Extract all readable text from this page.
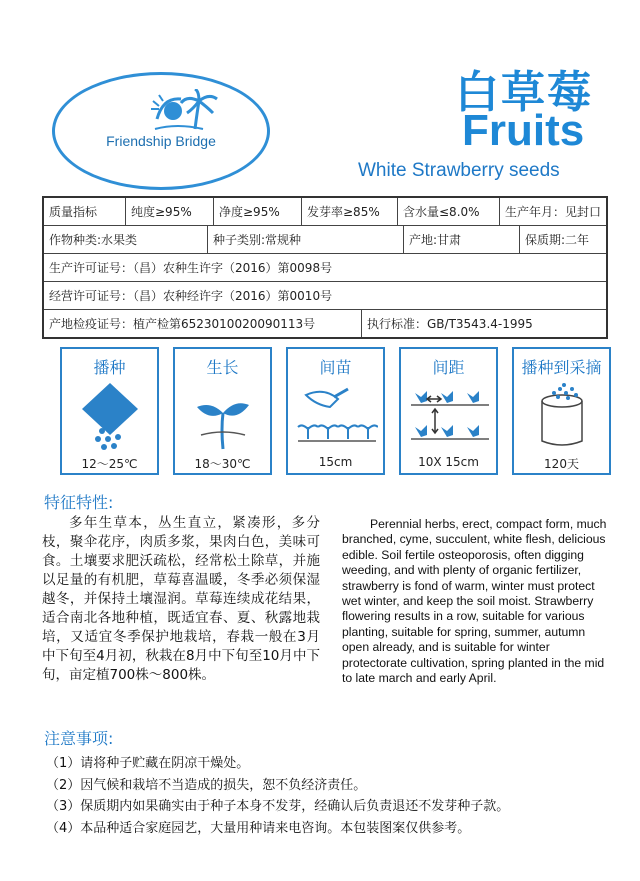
Friendship Bridge
白草莓
Fruits
White Strawberry seeds
质量指标	纯度≥95%	净度≥95%	发芽率≥85%	含水量≤8.0%	生产年月：见封口
作物种类:水果类	种子类别:常规种	产地:甘肃	保质期:二年
生产许可证号：（昌）农种生许字（2016）第0098号
经营许可证号：（昌）农种经许字（2016）第0010号
产地检疫证号：植产检第6523010020090113号	执行标准：GB/T3543.4-1995
播种
12～25℃
生长
18～30℃
间苗
15cm
间距
10X 15cm
播种到采摘
120天
特征特性:
多年生草本，丛生直立，紧凑形，多分枝，聚伞花序，肉质多浆，果肉白色，美味可食。土壤要求肥沃疏松，经常松土除草，并施以足量的有机肥，草莓喜温暖，冬季必须保湿越冬，并保持土壤湿润。草莓连续成花结果，适合南北各地种植，既适宜春、夏、秋露地栽培，又适宜冬季保护地栽培，春栽一般在3月中下旬至4月初，秋栽在8月中下旬至10月中下旬，亩定植700株～800株。
Perennial herbs, erect, compact form, much branched, cyme, succulent, white flesh, delicious edible. Soil fertile osteoporosis, often digging weeding, and with plenty of organic fertilizer, strawberry is fond of warm, winter must protect wet winter, and keep the soil moist. Strawberry flowering results in a row, suitable for various planting, suitable for spring, summer, autumn open already, and is suitable for winter protectorate cultivation, spring planted in the mid to late march and early April.
注意事项:
（1）请将种子贮藏在阴凉干燥处。
（2）因气候和栽培不当造成的损失，恕不负经济责任。
（3）保质期内如果确实由于种子本身不发芽，经确认后负责退还不发芽种子款。
（4）本品种适合家庭园艺，大量用种请来电咨询。本包装图案仅供参考。
